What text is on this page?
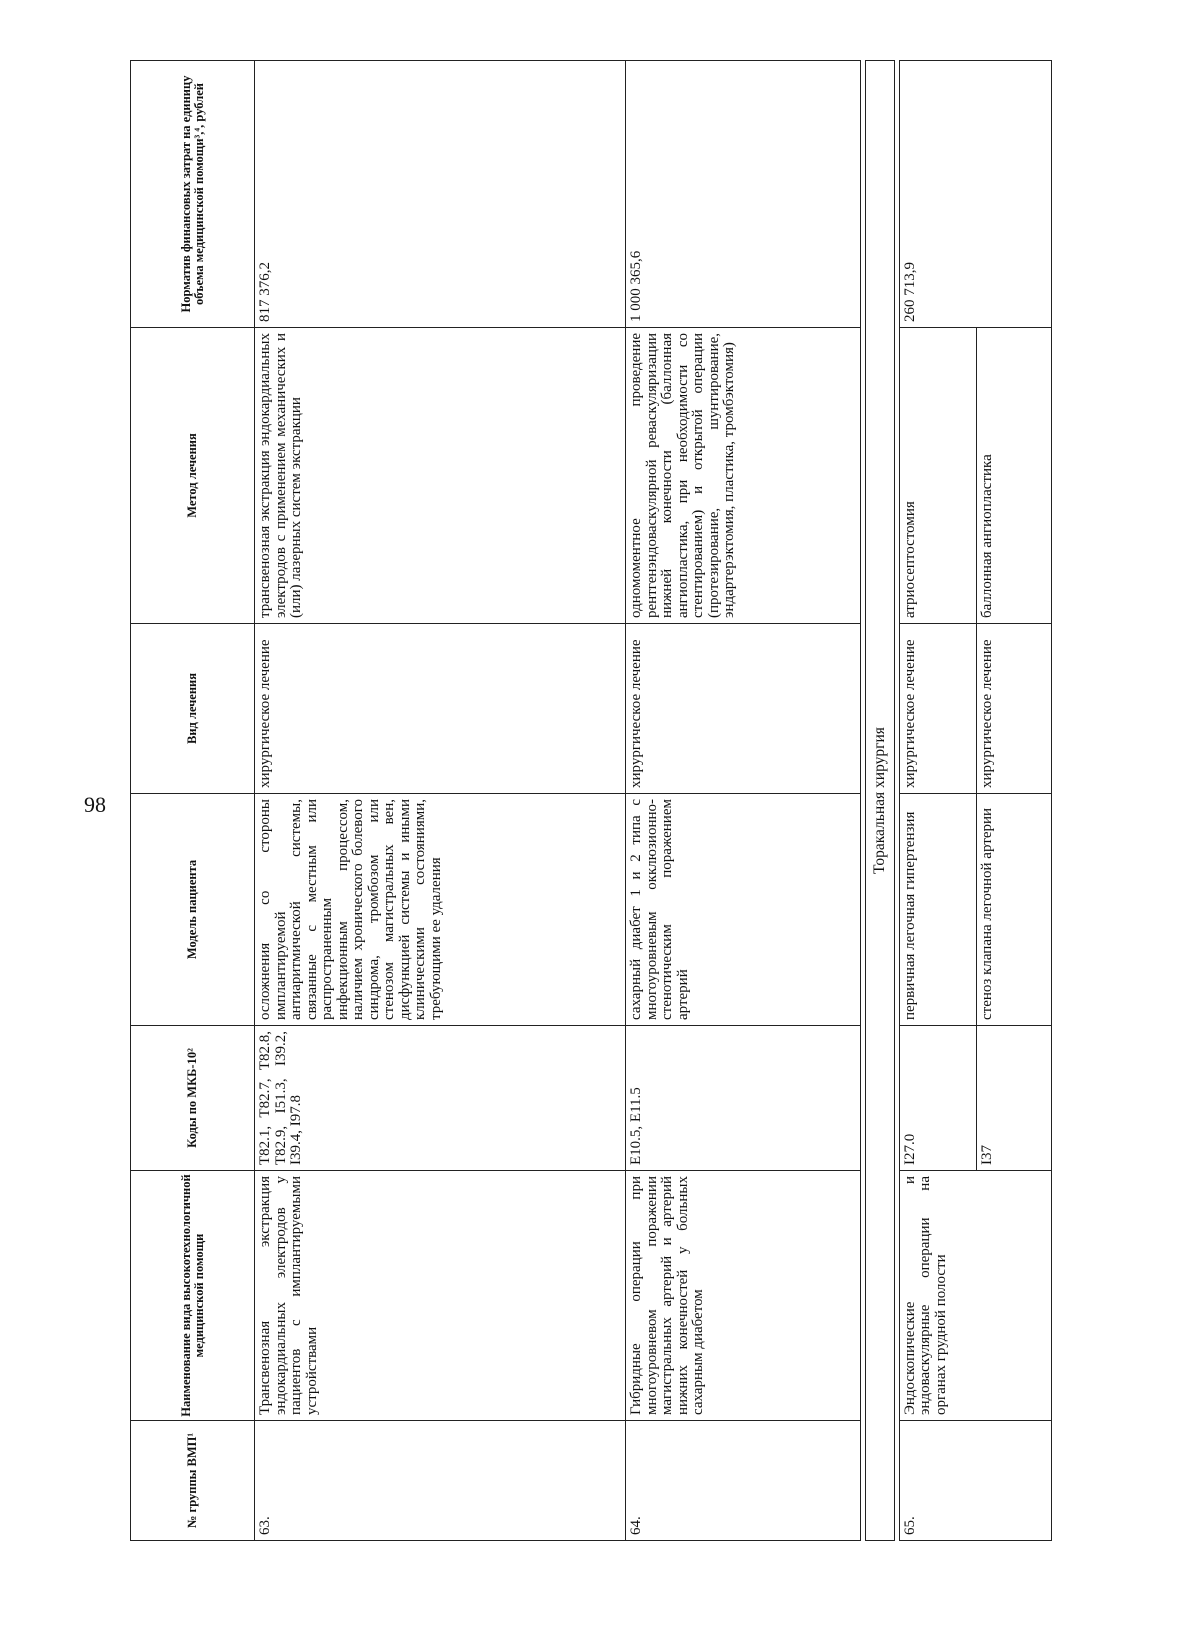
98
№ группы ВМП¹	Наименование вида высокотехнологичной медицинской помощи	Коды по МКБ-10²	Модель пациента	Вид лечения	Метод лечения	Норматив финансовых затрат на единицу объема медицинской помощи³,⁴, рублей
63.	Трансвенозная экстракция эндокардиальных электродов у пациентов с имплантируемыми устройствами	T82.1, T82.7, T82.8, T82.9, I51.3, I39.2, I39.4, I97.8	осложнения со стороны имплантируемой антиаритмической системы, связанные с местным или распространенным инфекционным процессом, наличием хронического болевого синдрома, тромбозом или стенозом магистральных вен, дисфункцией системы и иными клиническими состояниями, требующими ее удаления	хирургическое лечение	трансвенозная экстракция эндокардиальных электродов с применением механических и (или) лазерных систем экстракции	817 376,2
64.	Гибридные операции при многоуровневом поражении магистральных артерий и артерий нижних конечностей у больных сахарным диабетом	E10.5, E11.5	сахарный диабет 1 и 2 типа с многоуровневым окклюзионно-стенотическим поражением артерий	хирургическое лечение	одномоментное проведение рентгенэндоваскулярной реваскуляризации нижней конечности (баллонная ангиопластика, при необходимости со стентированием) и открытой операции (протезирование, шунтирование, эндартерэктомия, пластика, тромбэктомия)	1 000 365,6

Торакальная хирургия						

65.	Эндоскопические и эндоваскулярные операции на органах грудной полости	I27.0	первичная легочная гипертензия	хирургическое лечение	атриосептостомия	260 713,9
		I37	стеноз клапана легочной артерии	хирургическое лечение	баллонная ангиопластика	
